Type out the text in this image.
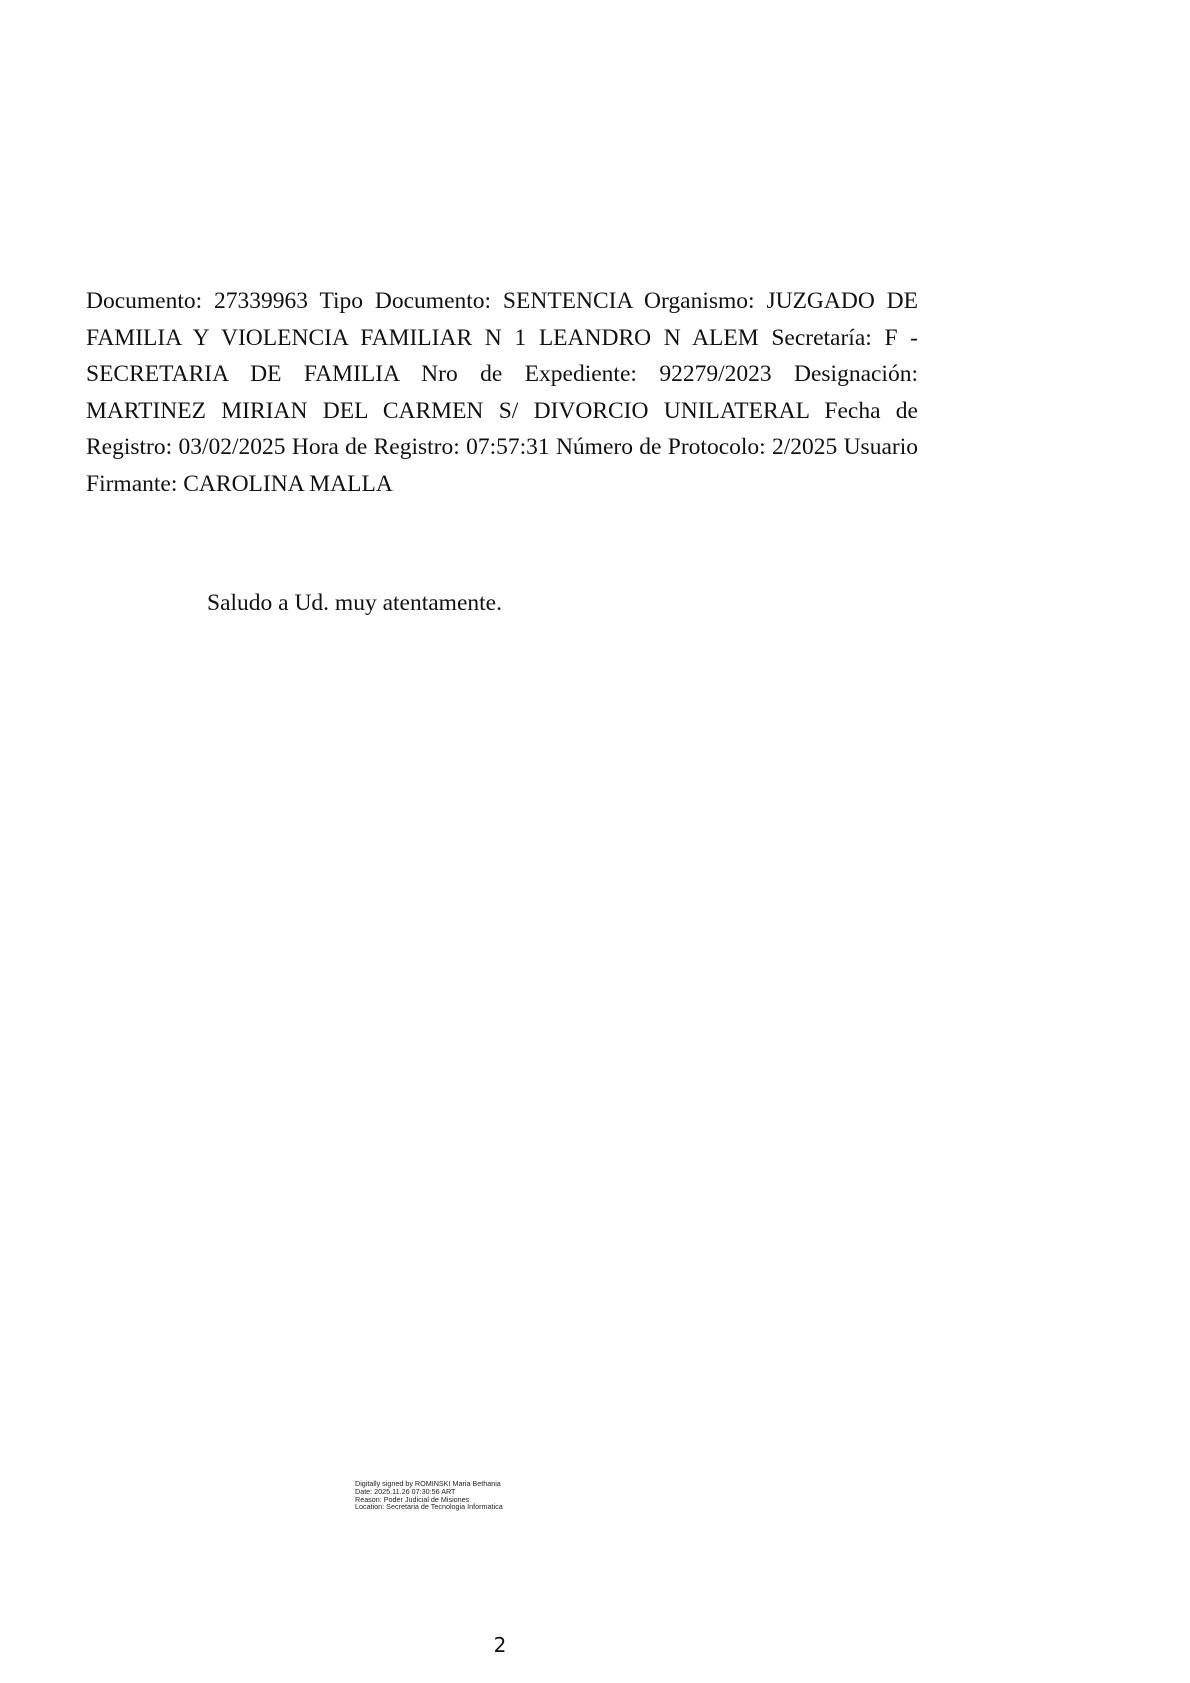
Documento: 27339963 Tipo Documento: SENTENCIA Organismo: JUZGADO DE FAMILIA Y VIOLENCIA FAMILIAR N 1 LEANDRO N ALEM Secretaría: F - SECRETARIA DE FAMILIA Nro de Expediente: 92279/2023 Designación: MARTINEZ MIRIAN DEL CARMEN S/ DIVORCIO UNILATERAL Fecha de Registro: 03/02/2025 Hora de Registro: 07:57:31 Número de Protocolo: 2/2025 Usuario Firmante: CAROLINA MALLA

Saludo a Ud. muy atentamente.

Digitally signed by ROMINSKI Maria Bethania
Date: 2025.11.26 07:30:56 ART
Reason: Poder Judicial de Misiones
Location: Secretaria de Tecnologia Informatica
2
